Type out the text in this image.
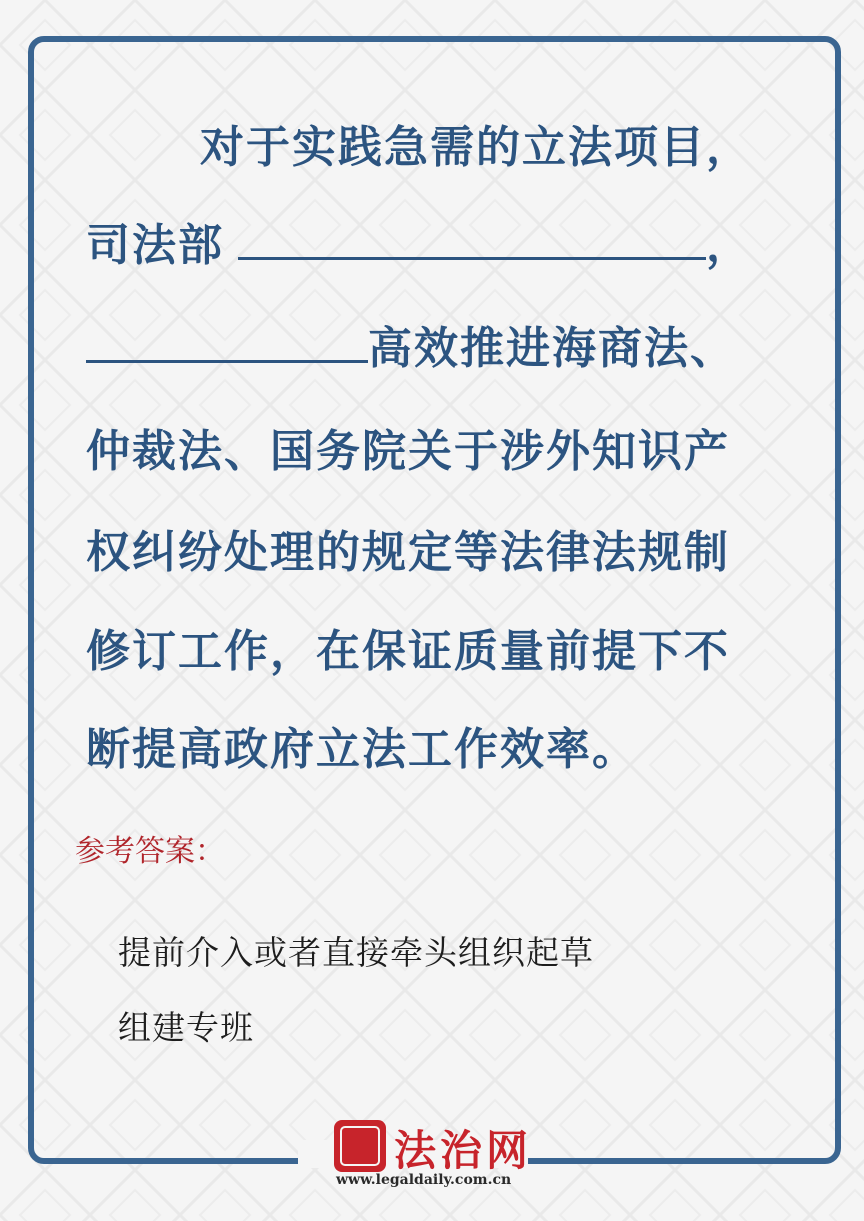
对于实践急需的立法项目，
司法部	，
高效推进海商法、
仲裁法、国务院关于涉外知识产
权纠纷处理的规定等法律法规制
修订工作，在保证质量前提下不
断提高政府立法工作效率。
参考答案：
提前介入或者直接牵头组织起草
组建专班
法治网
www.legaldaily.com.cn
